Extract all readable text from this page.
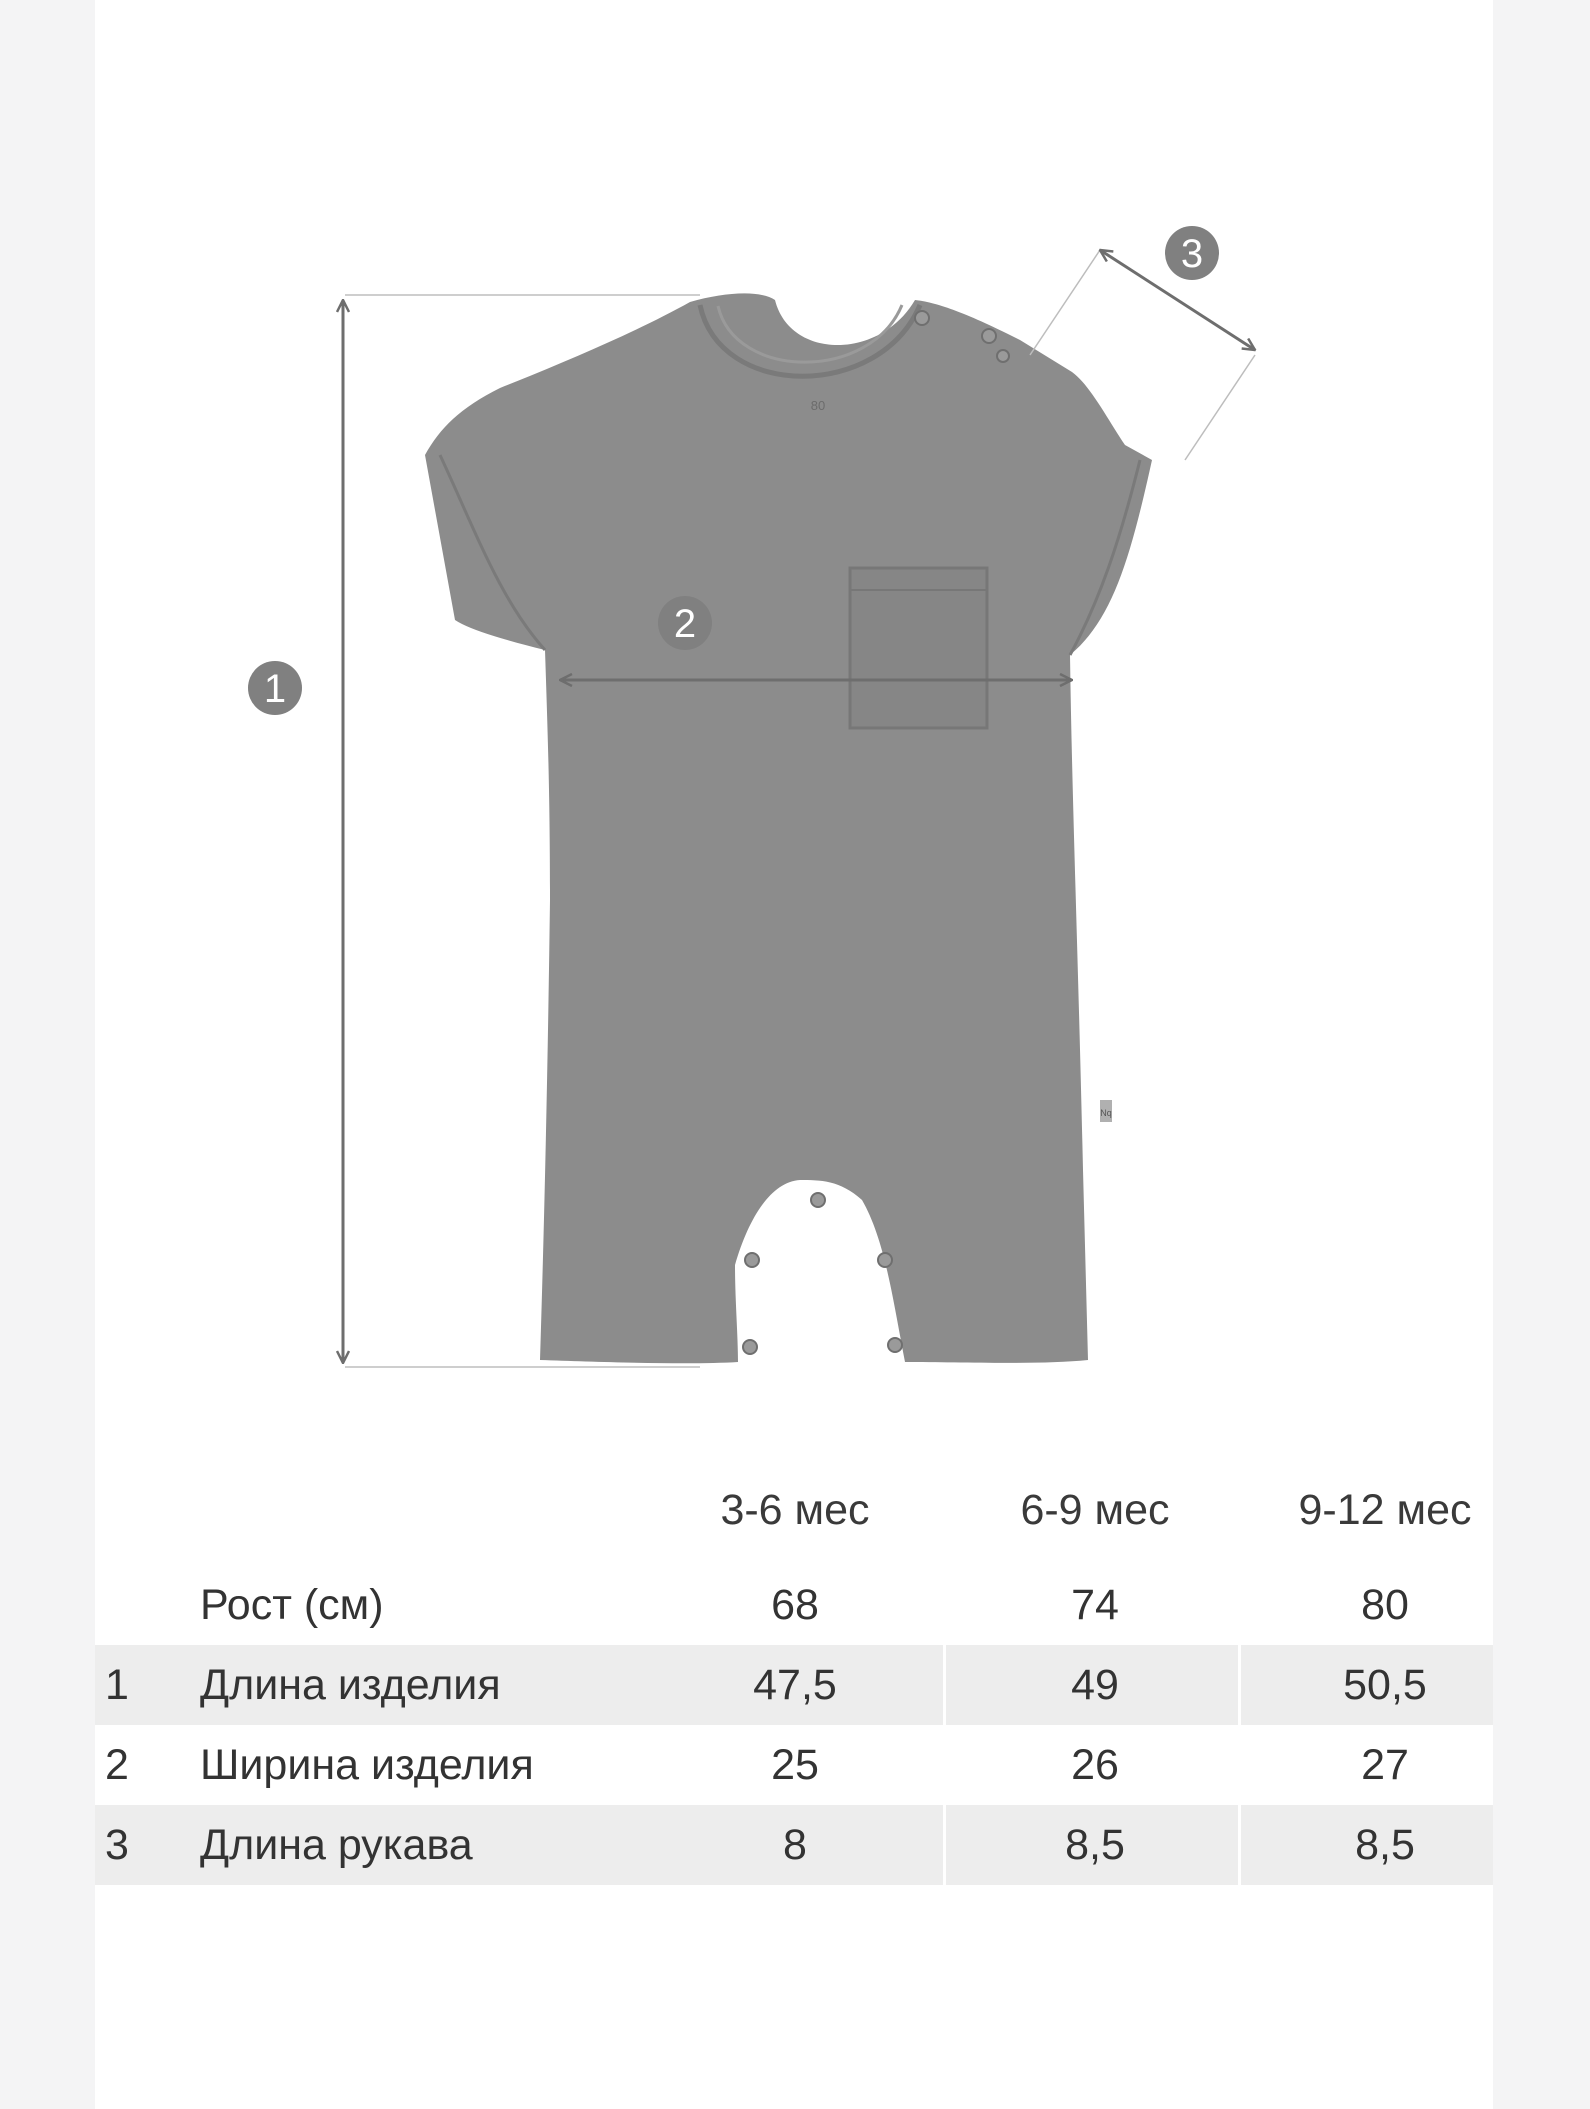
80
Nq
1
2
3
3-6 мес	6-9 мес	9-12 мес
Рост (см)	68	74	80
1	Длина изделия	47,5	49	50,5
2	Ширина изделия	25	26	27
3	Длина рукава	8	8,5	8,5
